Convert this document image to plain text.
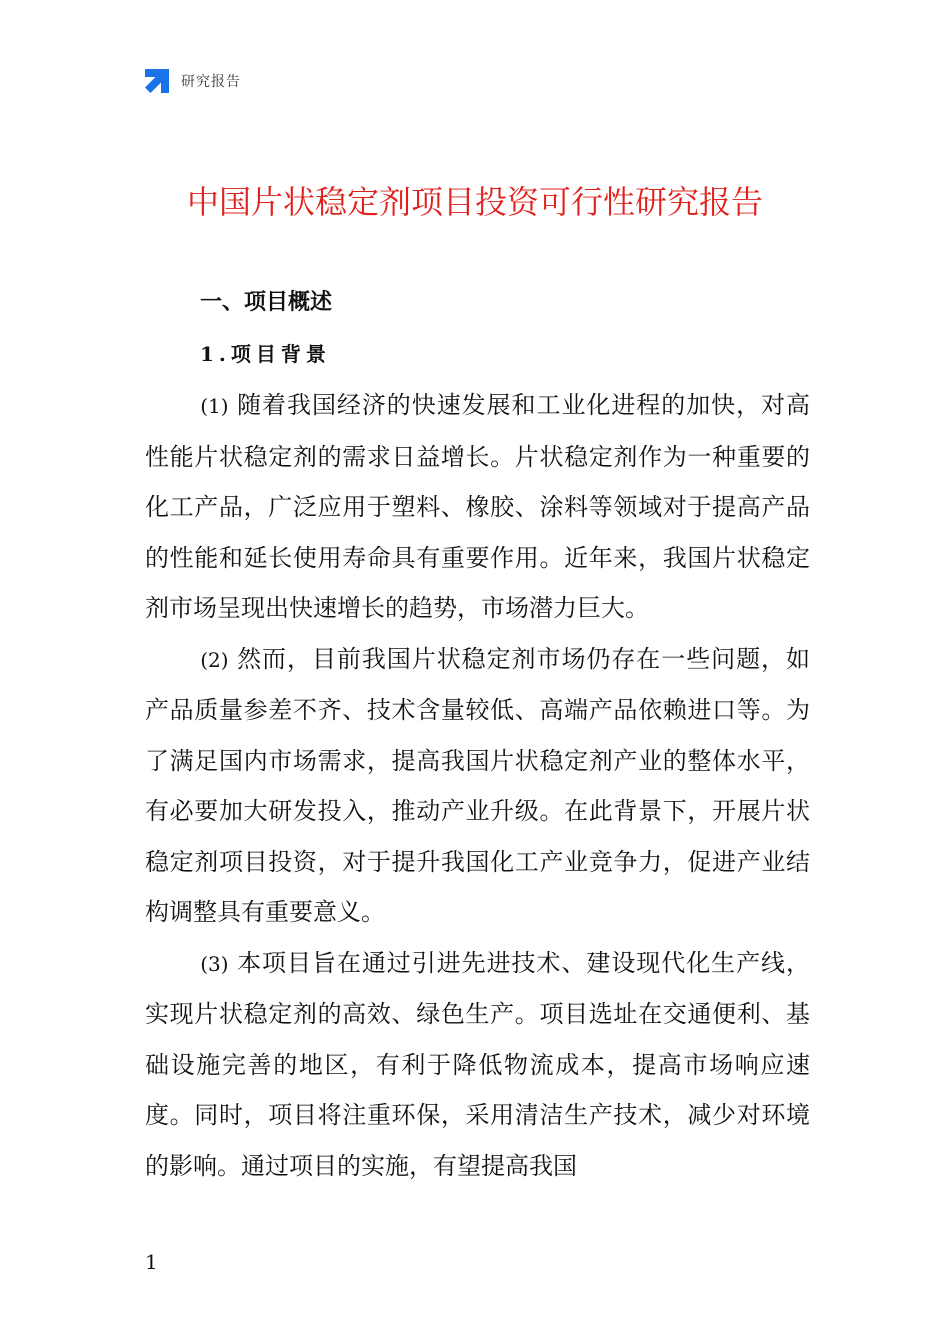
研究报告
中国片状稳定剂项目投资可行性研究报告
一、项目概述
1.项目背景

(1) 随着我国经济的快速发展和工业化进程的加快，对高性能片状稳定剂的需求日益增长。片状稳定剂作为一种重要的化工产品，广泛应用于塑料、橡胶、涂料等领域对于提高产品的性能和延长使用寿命具有重要作用。近年来，我国片状稳定剂市场呈现出快速增长的趋势，市场潜力巨大。

(2) 然而，目前我国片状稳定剂市场仍存在一些问题，如产品质量参差不齐、技术含量较低、高端产品依赖进口等。为了满足国内市场需求，提高我国片状稳定剂产业的整体水平，有必要加大研发投入，推动产业升级。在此背景下，开展片状稳定剂项目投资，对于提升我国化工产业竞争力，促进产业结构调整具有重要意义。

(3) 本项目旨在通过引进先进技术、建设现代化生产线，实现片状稳定剂的高效、绿色生产。项目选址在交通便利、基础设施完善的地区，有利于降低物流成本，提高市场响应速度。同时，项目将注重环保，采用清洁生产技术，减少对环境的影响。通过项目的实施，有望提高我国

1
